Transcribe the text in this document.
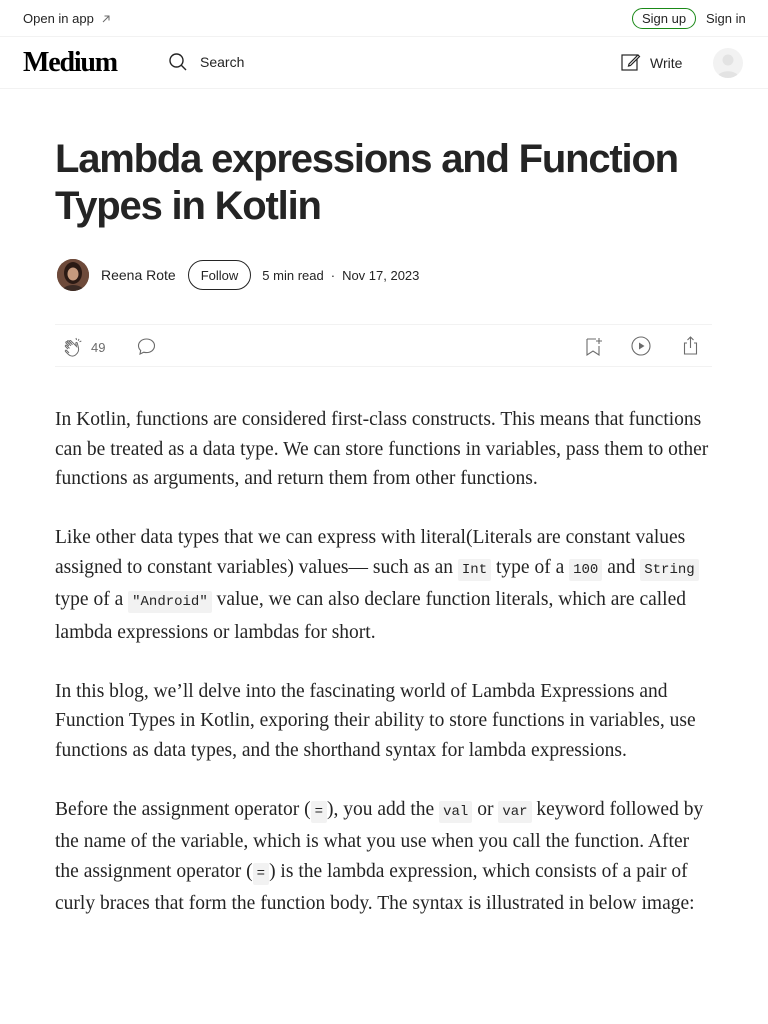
Open in app	Sign up Sign in
Medium	Search	Write
Lambda expressions and Function Types in Kotlin
Reena Rote Follow 5 min read · Nov 17, 2023
49

In Kotlin, functions are considered first-class constructs. This means that functions can be treated as a data type. We can store functions in variables, pass them to other functions as arguments, and return them from other functions.

Like other data types that we can express with literal(Literals are constant values assigned to constant variables) values— such as an Int type of a 100 and String type of a "Android" value, we can also declare function literals, which are called lambda expressions or lambdas for short.

In this blog, we’ll delve into the fascinating world of Lambda Expressions and Function Types in Kotlin, exporing their ability to store functions in variables, use functions as data types, and the shorthand syntax for lambda expressions.

Before the assignment operator ( = ), you add the val or var keyword followed by the name of the variable, which is what you use when you call the function. After the assignment operator ( = ) is the lambda expression, which consists of a pair of curly braces that form the function body. The syntax is illustrated in below image:
